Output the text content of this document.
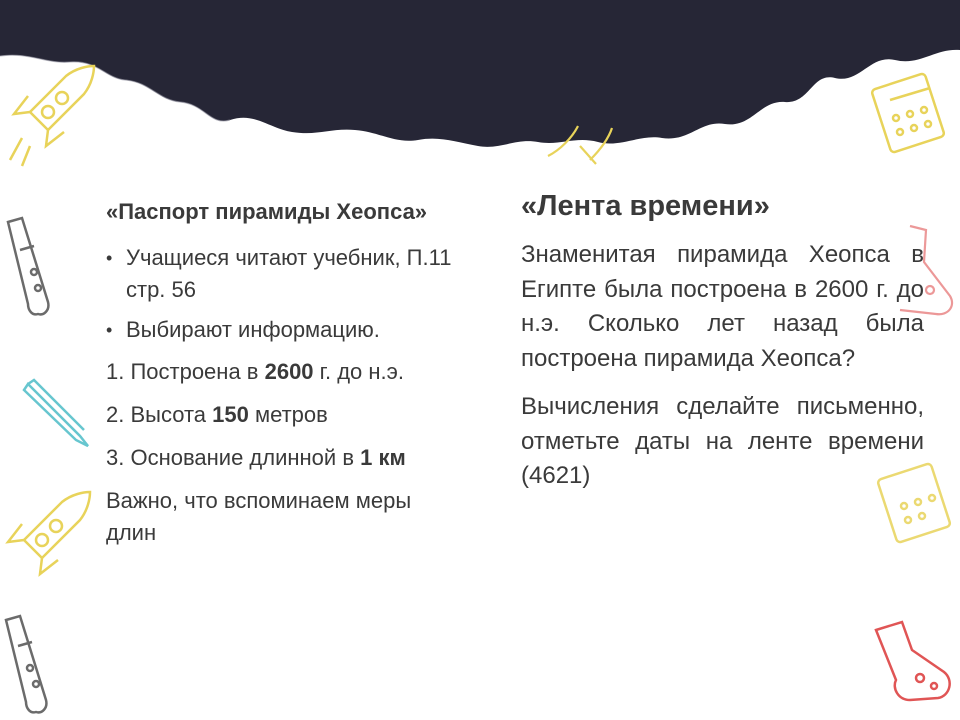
«Паспорт пирамиды Хеопса»
• Учащиеся читают учебник, П.11 стр. 56
• Выбирают информацию.
1. Построена в 2600 г. до н.э.
2. Высота 150 метров
3. Основание длинной в 1 км
Важно, что вспоминаем меры длин
«Лента времени»

Знаменитая пирамида Хеопса в Египте была построена в 2600 г. до н.э. Сколько лет назад была построена пирамида Хеопса?

Вычисления сделайте письменно, отметьте даты на ленте времени (4621)
